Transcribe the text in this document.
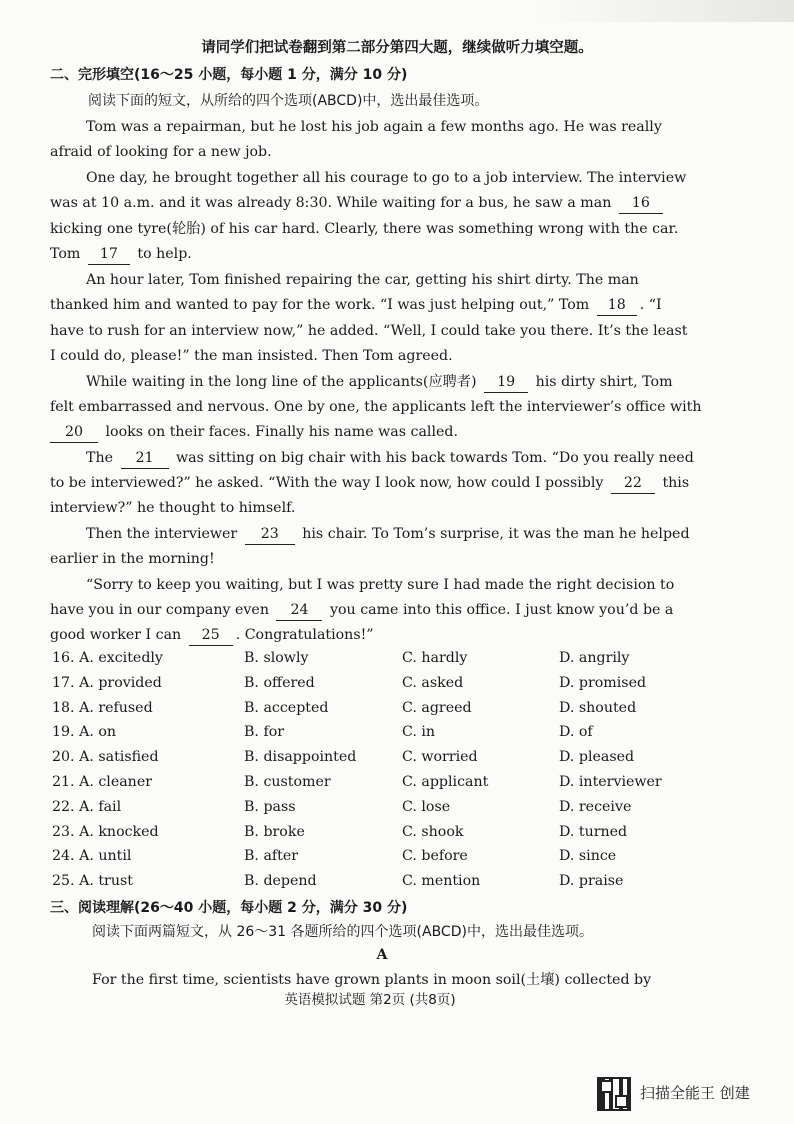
请同学们把试卷翻到第二部分第四大题，继续做听力填空题。
二、完形填空(16～25 小题，每小题 1 分，满分 10 分)
阅读下面的短文，从所给的四个选项(ABCD)中，选出最佳选项。
Tom was a repairman, but he lost his job again a few months ago. He was really
afraid of looking for a new job.
One day, he brought together all his courage to go to a job interview. The interview
was at 10 a.m. and it was already 8:30. While waiting for a bus, he saw a man 16
kicking one tyre(轮胎) of his car hard. Clearly, there was something wrong with the car.
Tom 17 to help.
An hour later, Tom finished repairing the car, getting his shirt dirty. The man
thanked him and wanted to pay for the work. “I was just helping out,” Tom 18 . “I
have to rush for an interview now,” he added. “Well, I could take you there. It’s the least
I could do, please!” the man insisted. Then Tom agreed.
While waiting in the long line of the applicants(应聘者) 19 his dirty shirt, Tom
felt embarrassed and nervous. One by one, the applicants left the interviewer’s office with
20 looks on their faces. Finally his name was called.
The 21 was sitting on big chair with his back towards Tom. “Do you really need
to be interviewed?” he asked. “With the way I look now, how could I possibly 22 this
interview?” he thought to himself.
Then the interviewer 23 his chair. To Tom’s surprise, it was the man he helped
earlier in the morning!
“Sorry to keep you waiting, but I was pretty sure I had made the right decision to
have you in our company even 24 you came into this office. I just know you’d be a
good worker I can 25 . Congratulations!”
16. A. excitedly	B. slowly	C. hardly	D. angrily
17. A. provided	B. offered	C. asked	D. promised
18. A. refused	B. accepted	C. agreed	D. shouted
19. A. on	B. for	C. in	D. of
20. A. satisfied	B. disappointed	C. worried	D. pleased
21. A. cleaner	B. customer	C. applicant	D. interviewer
22. A. fail	B. pass	C. lose	D. receive
23. A. knocked	B. broke	C. shook	D. turned
24. A. until	B. after	C. before	D. since
25. A. trust	B. depend	C. mention	D. praise
三、阅读理解(26～40 小题，每小题 2 分，满分 30 分)
阅读下面两篇短文，从 26～31 各题所给的四个选项(ABCD)中，选出最佳选项。
A
For the first time, scientists have grown plants in moon soil(土壤) collected by
英语模拟试题 第2页 (共8页)
扫描全能王 创建
